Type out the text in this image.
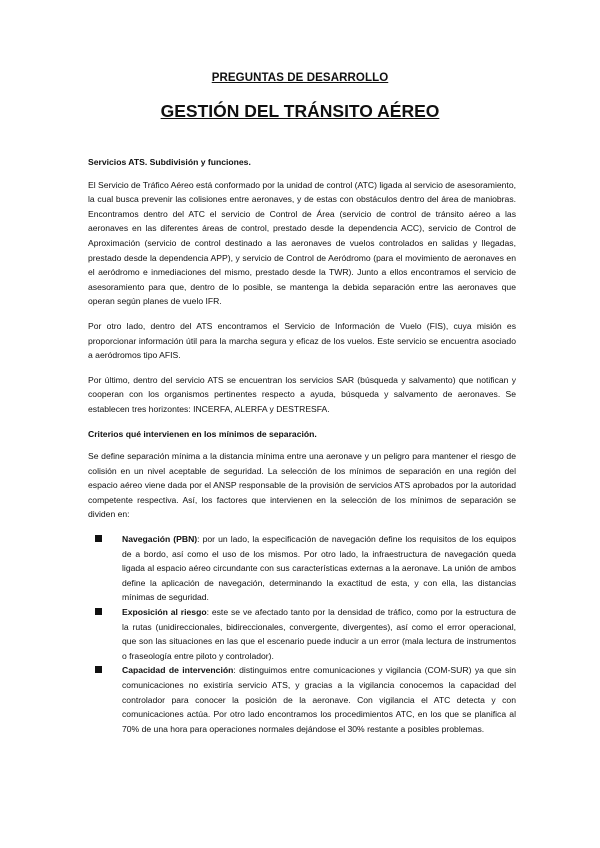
PREGUNTAS DE DESARROLLO
GESTIÓN DEL TRÁNSITO AÉREO
Servicios ATS. Subdivisión y funciones.

El Servicio de Tráfico Aéreo está conformado por la unidad de control (ATC) ligada al servicio de asesoramiento, la cual busca prevenir las colisiones entre aeronaves, y de estas con obstáculos dentro del área de maniobras. Encontramos dentro del ATC el servicio de Control de Área (servicio de control de tránsito aéreo a las aeronaves en las diferentes áreas de control, prestado desde la dependencia ACC), servicio de Control de Aproximación (servicio de control destinado a las aeronaves de vuelos controlados en salidas y llegadas, prestado desde la dependencia APP), y servicio de Control de Aeródromo (para el movimiento de aeronaves en el aeródromo e inmediaciones del mismo, prestado desde la TWR). Junto a ellos encontramos el servicio de asesoramiento para que, dentro de lo posible, se mantenga la debida separación entre las aeronaves que operan según planes de vuelo IFR.

Por otro lado, dentro del ATS encontramos el Servicio de Información de Vuelo (FIS), cuya misión es proporcionar información útil para la marcha segura y eficaz de los vuelos. Este servicio se encuentra asociado a aeródromos tipo AFIS.

Por último, dentro del servicio ATS se encuentran los servicios SAR (búsqueda y salvamento) que notifican y cooperan con los organismos pertinentes respecto a ayuda, búsqueda y salvamento de aeronaves. Se establecen tres horizontes: INCERFA, ALERFA y DESTRESFA.

Criterios qué intervienen en los mínimos de separación.

Se define separación mínima a la distancia mínima entre una aeronave y un peligro para mantener el riesgo de colisión en un nivel aceptable de seguridad. La selección de los mínimos de separación en una región del espacio aéreo viene dada por el ANSP responsable de la provisión de servicios ATS aprobados por la autoridad competente respectiva. Así, los factores que intervienen en la selección de los mínimos de separación se dividen en:

Navegación (PBN): por un lado, la especificación de navegación define los requisitos de los equipos de a bordo, así como el uso de los mismos. Por otro lado, la infraestructura de navegación queda ligada al espacio aéreo circundante con sus características externas a la aeronave. La unión de ambos define la aplicación de navegación, determinando la exactitud de esta, y con ella, las distancias mínimas de seguridad.
Exposición al riesgo: este se ve afectado tanto por la densidad de tráfico, como por la estructura de la rutas (unidireccionales, bidireccionales, convergente, divergentes), así como el error operacional, que son las situaciones en las que el escenario puede inducir a un error (mala lectura de instrumentos o fraseología entre piloto y controlador).
Capacidad de intervención: distinguimos entre comunicaciones y vigilancia (COM-SUR) ya que sin comunicaciones no existiría servicio ATS, y gracias a la vigilancia conocemos la capacidad del controlador para conocer la posición de la aeronave. Con vigilancia el ATC detecta y con comunicaciones actúa. Por otro lado encontramos los procedimientos ATC, en los que se planifica al 70% de una hora para operaciones normales dejándose el 30% restante a posibles problemas.
